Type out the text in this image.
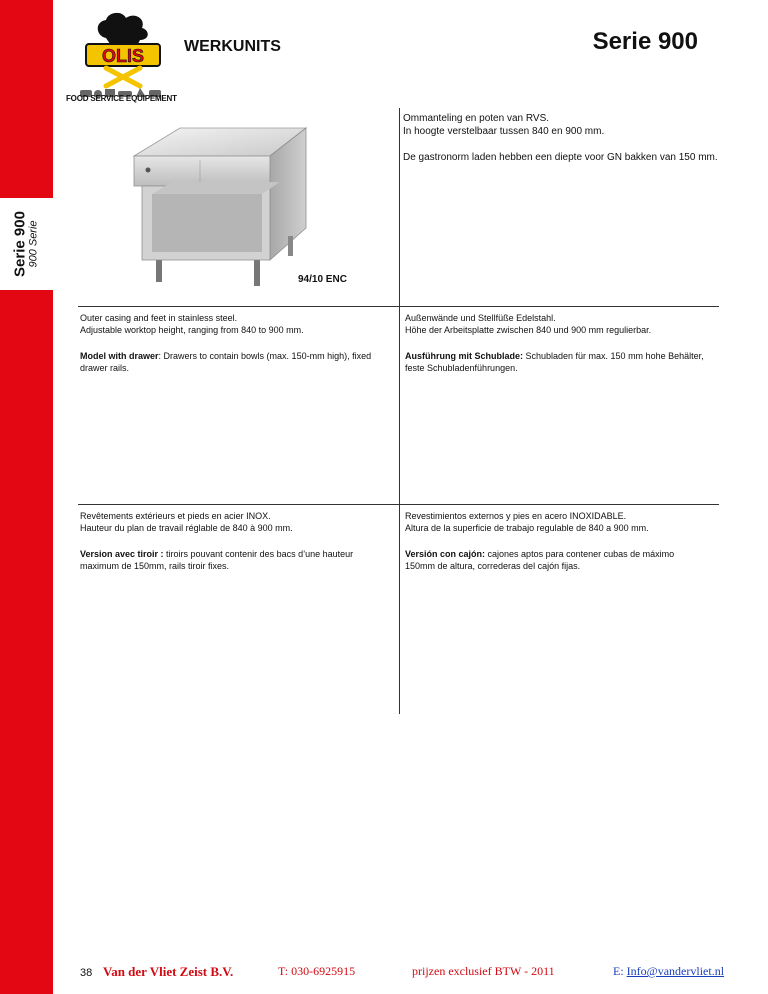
Serie 900 900 Serie
OLIS
FOOD SERVICE EQUIPEMENT
WERKUNITS	Serie 900
Ommanteling en poten van RVS.
In hoogte verstelbaar tussen 840 en 900 mm.
De gastronorm laden hebben een diepte voor GN bakken van 150 mm.
94/10 ENC

Outer casing and feet in stainless steel.
Adjustable worktop height, ranging from 840 to 900 mm.

Model with drawer: Drawers to contain bowls (max. 150-mm high), fixed drawer rails.

Außenwände und Stellfüße Edelstahl.
Höhe der Arbeitsplatte zwischen 840 und 900 mm regulierbar.

Ausführung mit Schublade: Schubladen für max. 150 mm hohe Behälter, feste Schubladenführungen.

Revêtements extérieurs et pieds en acier INOX.
Hauteur du plan de travail réglable de 840 à 900 mm.

Version avec tiroir : tiroirs pouvant contenir des bacs d’une hauteur maximum de 150mm, rails tiroir fixes.

Revestimientos externos y pies en acero INOXIDABLE.
Altura de la superficie de trabajo regulable de 840 a 900 mm.

Versión con cajón: cajones aptos para contener cubas de máximo 150mm de altura, correderas del cajón fijas.

38 Van der Vliet Zeist B.V.	T: 030-6925915	prijzen exclusief BTW - 2011	E: Info@vandervliet.nl
